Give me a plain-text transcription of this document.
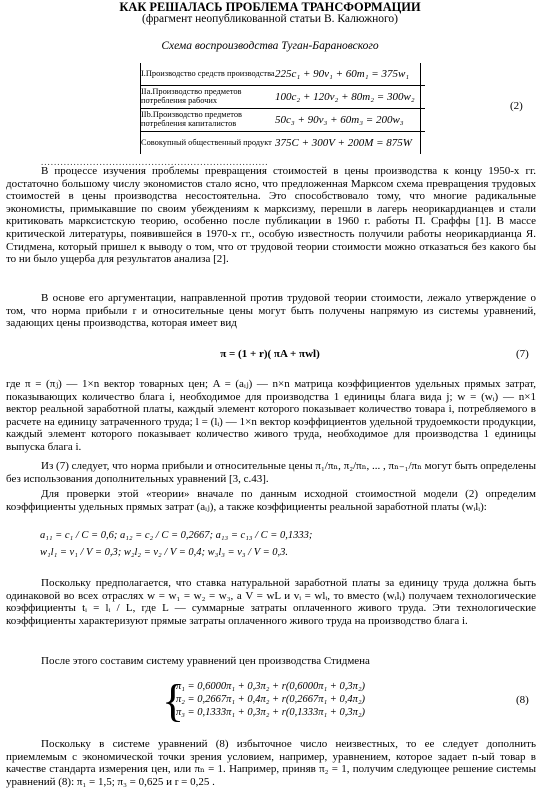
КАК РЕШАЛАСЬ ПРОБЛЕМА ТРАНСФОРМАЦИИ
(фрагмент неопубликованной статьи В. Калюжного)
Схема воспроизводства Туган-Барановского
I.Производство средств производства	225c₁ + 90v₁ + 60m₁ = 375w₁
IIa.Производство предметов потребления рабочих	100c₂ + 120v₂ + 80m₂ = 300w₂
IIb.Производство предметов потребления капиталистов	50c₃ + 90v₃ + 60m₃ = 200w₃
Совокупный общественный продукт	375C + 300V + 200M = 875W
(2)
......................................................................

В процессе изучения проблемы превращения стоимостей в цены производства к концу 1950-х гг. достаточно большому числу экономистов стало ясно, что предложенная Марксом схема превращения трудовых стоимостей в цены производства несостоятельна. Это способствовало тому, что многие радикальные экономисты, примыкавшие по своим убеждениям к марксизму, перешли в лагерь неорикардианцев и стали критиковать марксистскую теорию, особенно после публикации в 1960 г. работы П. Сраффы [1]. В массе критической литературы, появившейся в 1970-х гг., особую известность получили работы неорикардианца Я. Стидмена, который пришел к выводу о том, что от трудовой теории стоимости можно отказаться без какого бы то ни было ущерба для результатов анализа [2].

В основе его аргументации, направленной против трудовой теории стоимости, лежало утверждение о том, что норма прибыли r и относительные цены могут быть получены напрямую из системы уравнений, задающих цены производства, которая имеет вид

π = (1 + r)( πA + πwl)	(7)

где π = (πⱼ) — 1×n вектор товарных цен; A = (aᵢⱼ) — n×n матрица коэффициентов удельных прямых затрат, показывающих количество блага i, необходимое для производства 1 единицы блага вида j; w = (wᵢ) — n×1 вектор реальной заработной платы, каждый элемент которого показывает количество товара i, потребляемого в расчете на единицу затраченного труда; l = (lᵢ) — 1×n вектор коэффициентов удельной трудоемкости продукции, каждый элемент которого показывает количество живого труда, необходимое для производства 1 единицы выпуска блага i.

Из (7) следует, что норма прибыли и относительные цены π₁/πₙ, π₂/πₙ, ... , πₙ₋₁/πₙ могут быть определены без использования дополнительных уравнений [3, c.43].

Для проверки этой «теории» вначале по данным исходной стоимостной модели (2) определим коэффициенты удельных прямых затрат (aᵢⱼ), а также коэффициенты реальной заработной платы (wᵢlᵢ):

a₁₁ = c₁ / C = 0,6; a₁₂ = c₂ / C = 0,2667; a₁₃ = c₁₃ / C = 0,1333;
w₁l₁ = v₁ / V = 0,3; w₂l₂ = v₂ / V = 0,4; w₃l₃ = v₃ / V = 0,3.

Поскольку предполагается, что ставка натуральной заработной платы за единицу труда должна быть одинаковой во всех отраслях w = w₁ = w₂ = w₃, а V = wL и vᵢ = wlᵢ, то вместо (wᵢlᵢ) получаем технологические коэффициенты tᵢ = lᵢ / L, где L — суммарные затраты оплаченного живого труда. Эти технологические коэффициенты характеризуют прямые затраты оплаченного живого труда на производство блага i.

После этого составим систему уравнений цен производства Стидмена

{
π₁ = 0,6000π₁ + 0,3π₂ + r(0,6000π₁ + 0,3π₂)
π₂ = 0,2667π₁ + 0,4π₂ + r(0,2667π₁ + 0,4π₂)
π₃ = 0,1333π₁ + 0,3π₂ + r(0,1333π₁ + 0,3π₂)
(8)

Поскольку в системе уравнений (8) избыточное число неизвестных, то ее следует дополнить приемлемым с экономической точки зрения условием, например, уравнением, которое задает n-ый товар в качестве стандарта измерения цен, или πₙ = 1. Например, приняв π₂ = 1, получим следующее решение системы уравнений (8): π₁ = 1,5; π₃ = 0,625 и r = 0,25 .
